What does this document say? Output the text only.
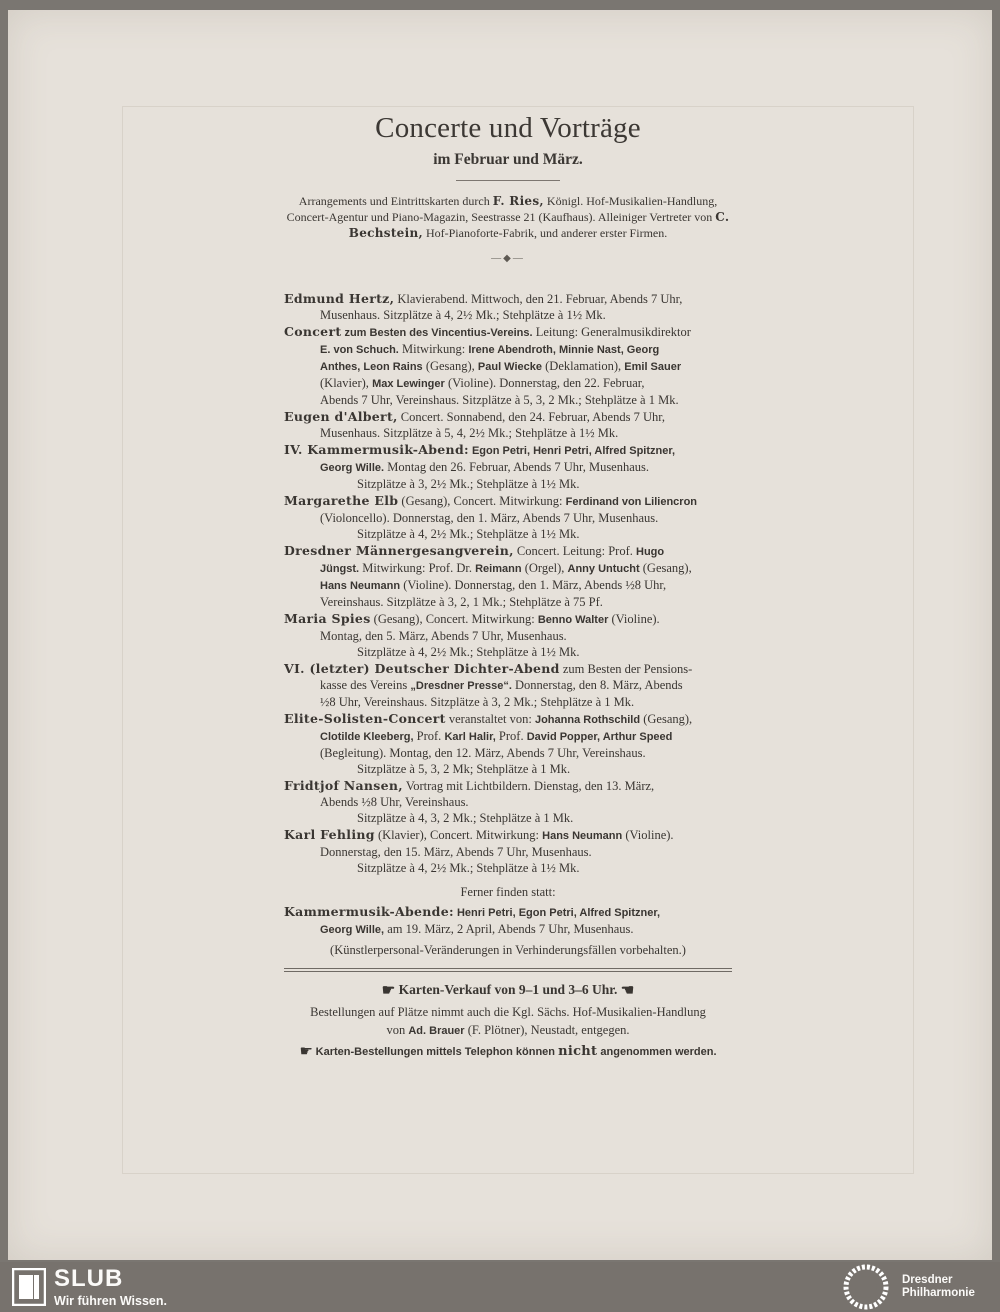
Concerte und Vorträge
im Februar und März.

Arrangements und Eintrittskarten durch F. Ries, Königl. Hof-Musikalien-Handlung, Concert-Agentur und Piano-Magazin, Seestrasse 21 (Kaufhaus). Alleiniger Vertreter von C. Bechstein, Hof-Pianoforte-Fabrik, und anderer erster Firmen.

—◆—
Edmund Hertz, Klavierabend. Mittwoch, den 21. Februar, Abends 7 Uhr,
Musenhaus. Sitzplätze à 4, 2½ Mk.; Stehplätze à 1½ Mk.
Concert zum Besten des Vincentius-Vereins. Leitung: Generalmusikdirektor
E. von Schuch. Mitwirkung: Irene Abendroth, Minnie Nast, Georg
Anthes, Leon Rains (Gesang), Paul Wiecke (Deklamation), Emil Sauer
(Klavier), Max Lewinger (Violine). Donnerstag, den 22. Februar,
Abends 7 Uhr, Vereinshaus. Sitzplätze à 5, 3, 2 Mk.; Stehplätze à 1 Mk.
Eugen d'Albert, Concert. Sonnabend, den 24. Februar, Abends 7 Uhr,
Musenhaus. Sitzplätze à 5, 4, 2½ Mk.; Stehplätze à 1½ Mk.
IV. Kammermusik-Abend: Egon Petri, Henri Petri, Alfred Spitzner,
Georg Wille. Montag den 26. Februar, Abends 7 Uhr, Musenhaus.
Sitzplätze à 3, 2½ Mk.; Stehplätze à 1½ Mk.
Margarethe Elb (Gesang), Concert. Mitwirkung: Ferdinand von Liliencron
(Violoncello). Donnerstag, den 1. März, Abends 7 Uhr, Musenhaus.
Sitzplätze à 4, 2½ Mk.; Stehplätze à 1½ Mk.
Dresdner Männergesangverein, Concert. Leitung: Prof. Hugo
Jüngst. Mitwirkung: Prof. Dr. Reimann (Orgel), Anny Untucht (Gesang),
Hans Neumann (Violine). Donnerstag, den 1. März, Abends ½8 Uhr,
Vereinshaus. Sitzplätze à 3, 2, 1 Mk.; Stehplätze à 75 Pf.
Maria Spies (Gesang), Concert. Mitwirkung: Benno Walter (Violine).
Montag, den 5. März, Abends 7 Uhr, Musenhaus.
Sitzplätze à 4, 2½ Mk.; Stehplätze à 1½ Mk.
VI. (letzter) Deutscher Dichter-Abend zum Besten der Pensions-
kasse des Vereins „Dresdner Presse“. Donnerstag, den 8. März, Abends
½8 Uhr, Vereinshaus. Sitzplätze à 3, 2 Mk.; Stehplätze à 1 Mk.
Elite-Solisten-Concert veranstaltet von: Johanna Rothschild (Gesang),
Clotilde Kleeberg, Prof. Karl Halir, Prof. David Popper, Arthur Speed
(Begleitung). Montag, den 12. März, Abends 7 Uhr, Vereinshaus.
Sitzplätze à 5, 3, 2 Mk; Stehplätze à 1 Mk.
Fridtjof Nansen, Vortrag mit Lichtbildern. Dienstag, den 13. März,
Abends ½8 Uhr, Vereinshaus.
Sitzplätze à 4, 3, 2 Mk.; Stehplätze à 1 Mk.
Karl Fehling (Klavier), Concert. Mitwirkung: Hans Neumann (Violine).
Donnerstag, den 15. März, Abends 7 Uhr, Musenhaus.
Sitzplätze à 4, 2½ Mk.; Stehplätze à 1½ Mk.
Ferner finden statt:
Kammermusik-Abende: Henri Petri, Egon Petri, Alfred Spitzner,
Georg Wille, am 19. März, 2 April, Abends 7 Uhr, Musenhaus.
(Künstlerpersonal-Veränderungen in Verhinderungsfällen vorbehalten.)
☛ Karten-Verkauf von 9–1 und 3–6 Uhr. ☚
Bestellungen auf Plätze nimmt auch die Kgl. Sächs. Hof-Musikalien-Handlung
von Ad. Brauer (F. Plötner), Neustadt, entgegen.
☛ Karten-Bestellungen mittels Telephon können nicht angenommen werden.
SLUB
Wir führen Wissen.
Dresdner
Philharmonie
